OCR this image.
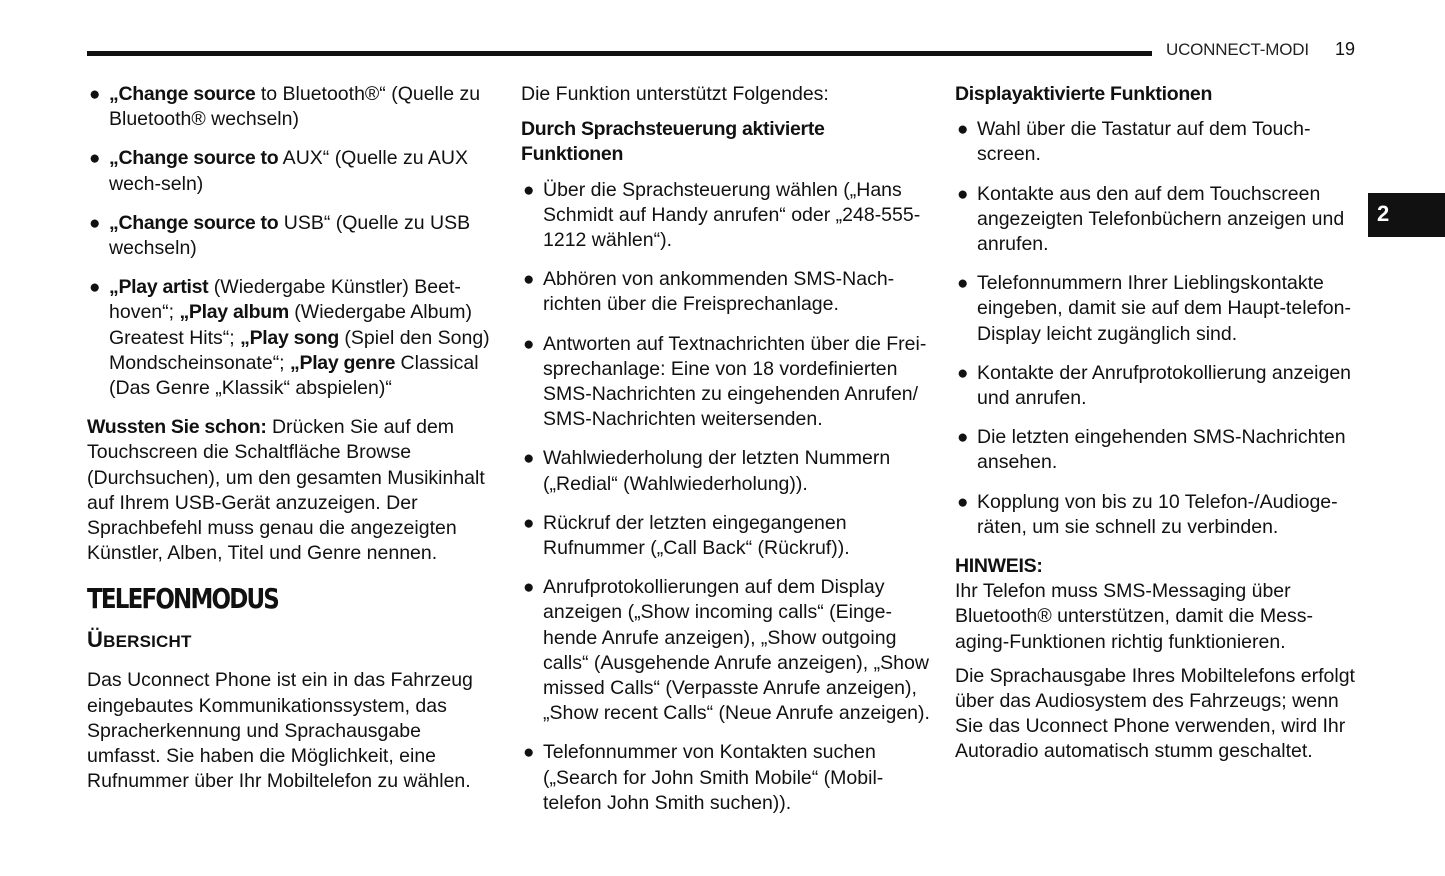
UCONNECT-MODI 19
2
● „Change source to Bluetooth®“ (Quelle zu Bluetooth® wechseln)
● „Change source to AUX“ (Quelle zu AUX wech-seln)
● „Change source to USB“ (Quelle zu USB wechseln)
● „Play artist (Wiedergabe Künstler) Beet-hoven“; „Play album (Wiedergabe Album) Greatest Hits“; „Play song (Spiel den Song) Mondscheinsonate“; „Play genre Classical (Das Genre „Klassik“ abspielen)“

Wussten Sie schon: Drücken Sie auf dem Touchscreen die Schaltfläche Browse (Durchsuchen), um den gesamten Musikinhalt auf Ihrem USB-Gerät anzuzeigen. Der Sprachbefehl muss genau die angezeigten Künstler, Alben, Titel und Genre nennen.

TELEFONMODUS
ÜBERSICHT

Das Uconnect Phone ist ein in das Fahrzeug eingebautes Kommunikationssystem, das Spracherkennung und Sprachausgabe umfasst. Sie haben die Möglichkeit, eine Rufnummer über Ihr Mobiltelefon zu wählen.

Die Funktion unterstützt Folgendes:

Durch Sprachsteuerung aktivierte Funktionen

● Über die Sprachsteuerung wählen („Hans Schmidt auf Handy anrufen“ oder „248-555-1212 wählen“).
● Abhören von ankommenden SMS-Nach-richten über die Freisprechanlage.
● Antworten auf Textnachrichten über die Frei-sprechanlage: Eine von 18 vordefinierten SMS-Nachrichten zu eingehenden Anrufen/ SMS-Nachrichten weitersenden.
● Wahlwiederholung der letzten Nummern („Redial“ (Wahlwiederholung)).
● Rückruf der letzten eingegangenen Rufnummer („Call Back“ (Rückruf)).
● Anrufprotokollierungen auf dem Display anzeigen („Show incoming calls“ (Einge-hende Anrufe anzeigen), „Show outgoing calls“ (Ausgehende Anrufe anzeigen), „Show missed Calls“ (Verpasste Anrufe anzeigen), „Show recent Calls“ (Neue Anrufe anzeigen).
● Telefonnummer von Kontakten suchen („Search for John Smith Mobile“ (Mobil-telefon John Smith suchen)).

Displayaktivierte Funktionen

● Wahl über die Tastatur auf dem Touch-screen.
● Kontakte aus den auf dem Touchscreen angezeigten Telefonbüchern anzeigen und anrufen.
● Telefonnummern Ihrer Lieblingskontakte eingeben, damit sie auf dem Haupt-telefon-Display leicht zugänglich sind.
● Kontakte der Anrufprotokollierung anzeigen und anrufen.
● Die letzten eingehenden SMS-Nachrichten ansehen.
● Kopplung von bis zu 10 Telefon-/Audioge-räten, um sie schnell zu verbinden.

HINWEIS:

Ihr Telefon muss SMS-Messaging über Bluetooth® unterstützen, damit die Mess-aging-Funktionen richtig funktionieren.

Die Sprachausgabe Ihres Mobiltelefons erfolgt über das Audiosystem des Fahrzeugs; wenn Sie das Uconnect Phone verwenden, wird Ihr Autoradio automatisch stumm geschaltet.
